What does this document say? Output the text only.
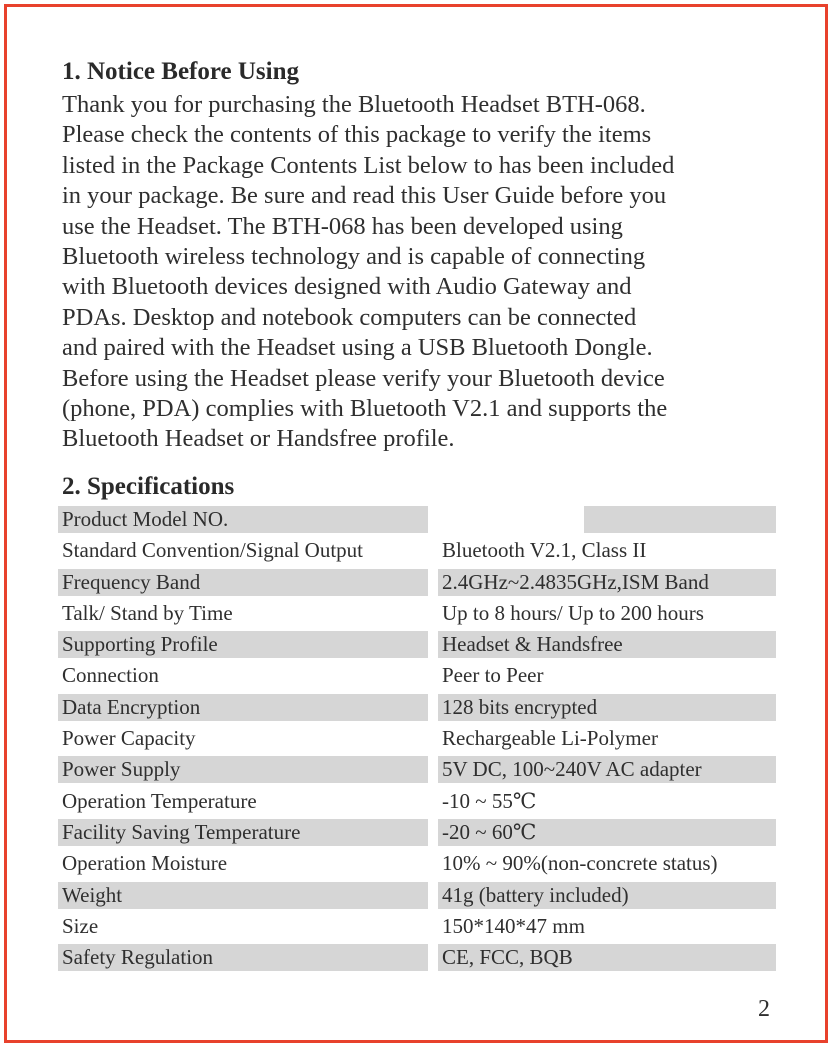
1. Notice Before Using

Thank you for purchasing the Bluetooth Headset BTH-068.
Please check the contents of this package to verify the items
listed in the Package Contents List below to has been included
in your package. Be sure and read this User Guide before you
use the Headset. The BTH-068 has been developed using
Bluetooth wireless technology and is capable of connecting
with Bluetooth devices designed with Audio Gateway and
PDAs. Desktop and notebook computers can be connected
and paired with the Headset using a USB Bluetooth Dongle.
Before using the Headset please verify your Bluetooth device
(phone, PDA) complies with Bluetooth V2.1 and supports the
Bluetooth Headset or Handsfree profile.

2. Specifications
Product Model NO.
Standard Convention/Signal Output	Bluetooth V2.1, Class II
Frequency Band	2.4GHz~2.4835GHz,ISM Band
Talk/ Stand by Time	Up to 8 hours/ Up to 200 hours
Supporting Profile	Headset & Handsfree
Connection	Peer to Peer
Data Encryption	128 bits encrypted
Power Capacity	Rechargeable Li-Polymer
Power Supply	5V DC, 100~240V AC adapter
Operation Temperature	-10 ~ 55℃
Facility Saving Temperature	-20 ~ 60℃
Operation Moisture	10% ~ 90%(non-concrete status)
Weight	41g (battery included)
Size	150*140*47 mm
Safety Regulation	CE, FCC, BQB
2
